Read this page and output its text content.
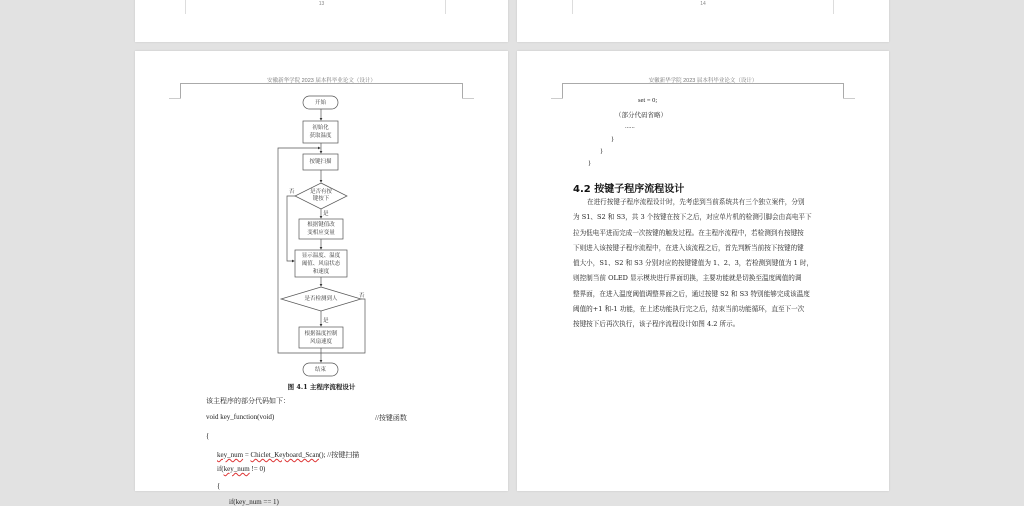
13	14
安徽新华学院 2023 届本科毕业论文（设计）
开始
初始化
获取温度
按键扫描
是否有按
键按下
根据键值改
变相应变量
显示温度、温度
阈值、风扇状态
和速度
是否检测到人
根据温度控制
风扇速度
结束
是
是
否
否
图 4.1 主程序流程设计
该主程序的部分代码如下：
void key_function(void)	//按键函数
{
key_num = Chiclet_Keyboard_Scan(); //按键扫描
if(key_num != 0)
{
if(key_num == 1)
安徽新华学院 2023 届本科毕业论文（设计）
set = 0;
（部分代码省略）
......
}
}
}
4.2 按键子程序流程设计
在进行按键子程序流程设计时，先考虑到当前系统共有三个独立案件，分别
为 S1、S2 和 S3，共 3 个按键在按下之后，对应单片机的检测引脚会由高电平下
拉为低电平进而完成一次按键的触发过程。在主程序流程中，若检测到有按键按
下则进入该按键子程序流程中，在进入该流程之后，首先判断当前按下按键的键
值大小，S1、S2 和 S3 分别对应的按键键值为 1、2、3，若检测到键值为 1 时，
则控制当前 OLED 显示模块进行界面切换，主要功能就是切换至温度阈值的调
整界面，在进入温度阈值调整界面之后，通过按键 S2 和 S3 特别能够完成该温度
阈值的+1 和-1 功能，在上述功能执行完之后，结束当前功能循环，直至下一次
按键按下后再次执行，该子程序流程设计如图 4.2 所示。
